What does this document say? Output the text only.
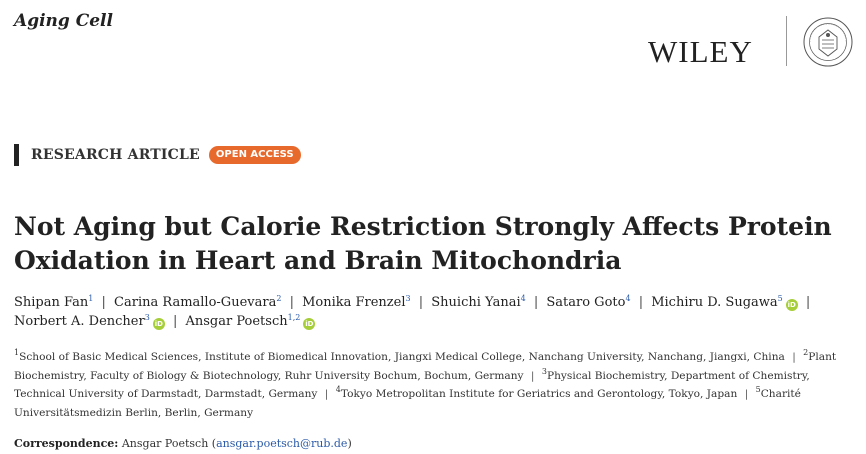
Aging Cell
WILEY
RESEARCH ARTICLE	OPEN ACCESS
Not Aging but Calorie Restriction Strongly Affects Protein Oxidation in Heart and Brain Mitochondria
Shipan Fan$^1$ | Carina Ramallo-Guevara$^2$ | Monika Frenzel$^3$ | Shuichi Yanai$^4$ | Sataro Goto$^4$ | Michiru D. Sugawa$^5$iD | Norbert A. Dencher$^3$iD | Ansgar Poetsch$^{1,2}$iD
$^1$School of Basic Medical Sciences, Institute of Biomedical Innovation, Jiangxi Medical College, Nanchang University, Nanchang, Jiangxi, China | $^2$Plant Biochemistry, Faculty of Biology & Biotechnology, Ruhr University Bochum, Bochum, Germany | $^3$Physical Biochemistry, Department of Chemistry, Technical University of Darmstadt, Darmstadt, Germany | $^4$Tokyo Metropolitan Institute for Geriatrics and Gerontology, Tokyo, Japan | $^5$Charité Universitätsmedizin Berlin, Berlin, Germany
Correspondence: Ansgar Poetsch (ansgar.poetsch@rub.de)
